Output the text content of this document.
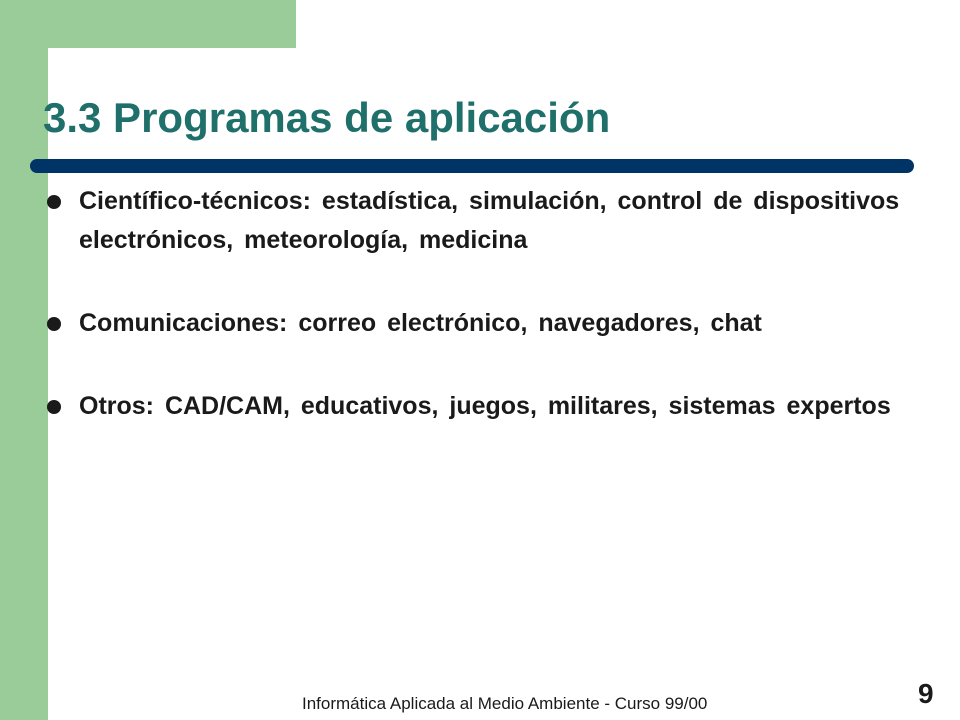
3.3 Programas de aplicación
Científico-técnicos: estadística, simulación, control de dispositivos electrónicos, meteorología, medicina
Comunicaciones: correo electrónico, navegadores, chat
Otros: CAD/CAM, educativos, juegos, militares, sistemas expertos
Informática Aplicada al Medio Ambiente - Curso 99/00	9
